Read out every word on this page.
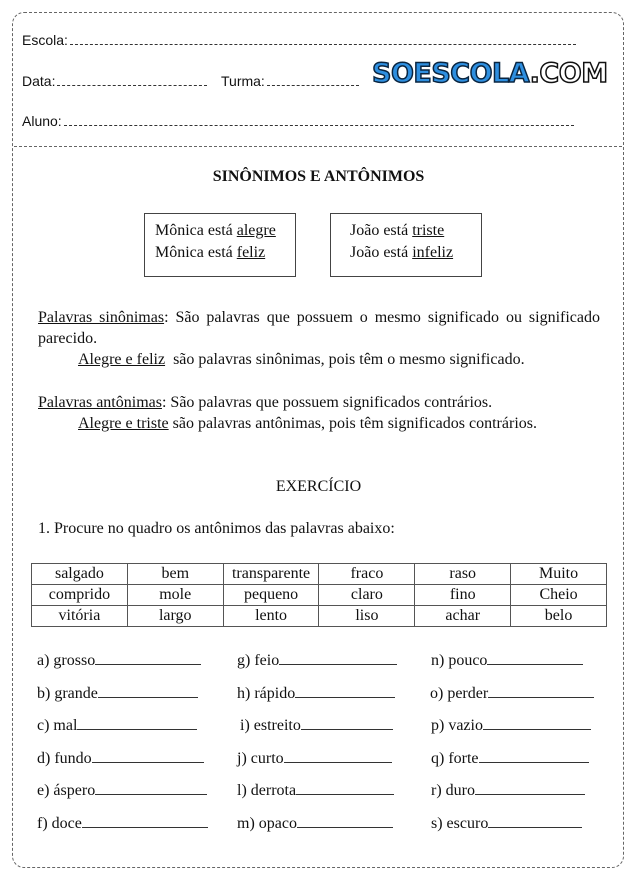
Escola:
Data:	Turma:	SOESCOLA.COM
Aluno:
SINÔNIMOS E ANTÔNIMOS
Mônica está alegre
Mônica está feliz
João está triste
João está infeliz
Palavras sinônimas: São palavras que possuem o mesmo significado ou significado parecido.
Alegre e feliz  são palavras sinônimas, pois têm o mesmo significado.
Palavras antônimas: São palavras que possuem significados contrários.
Alegre e triste são palavras antônimas, pois têm significados contrários.
EXERCÍCIO
1. Procure no quadro os antônimos das palavras abaixo:
salgado	bem	transparente	fraco	raso	Muito
comprido	mole	pequeno	claro	fino	Cheio
vitória	largo	lento	liso	achar	belo
a) grosso	g) feio	n) pouco
b) grande	h) rápido	o) perder
c) mal	i) estreito	p) vazio
d) fundo	j) curto	q) forte
e) áspero	l) derrota	r) duro
f) doce	m) opaco	s) escuro
